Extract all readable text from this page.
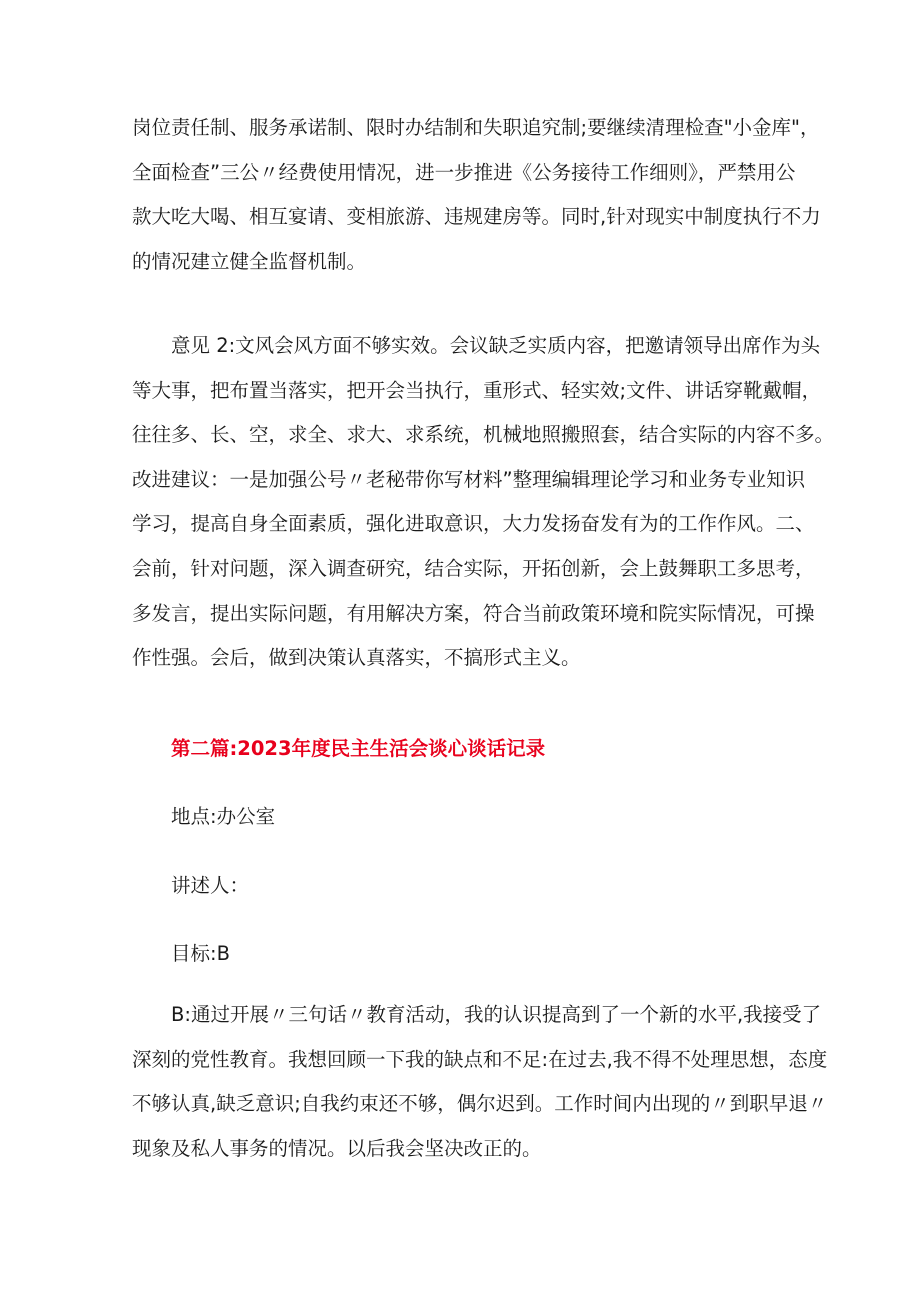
岗位责任制、服务承诺制、限时办结制和失职追究制;要继续清理检查"小金库"，
全面检查”三公〃经费使用情况，进一步推进《公务接待工作细则》，严禁用公
款大吃大喝、相互宴请、变相旅游、违规建房等。同时,针对现实中制度执行不力
的情况建立健全监督机制。

意见 2:文风会风方面不够实效。会议缺乏实质内容，把邀请领导出席作为头
等大事，把布置当落实，把开会当执行，重形式、轻实效;文件、讲话穿靴戴帽，
往往多、长、空，求全、求大、求系统，机械地照搬照套，结合实际的内容不多。
改进建议：一是加强公号〃老秘带你写材料”整理编辑理论学习和业务专业知识
学习，提高自身全面素质，强化进取意识，大力发扬奋发有为的工作作风。二、
会前，针对问题，深入调查研究，结合实际，开拓创新，会上鼓舞职工多思考，
多发言，提出实际问题，有用解决方案，符合当前政策环境和院实际情况，可操
作性强。会后，做到决策认真落实，不搞形式主义。

第二篇:2023年度民主生活会谈心谈话记录

地点:办公室

讲述人：

目标:B

B:通过开展〃三句话〃教育活动，我的认识提高到了一个新的水平,我接受了
深刻的党性教育。我想回顾一下我的缺点和不足:在过去,我不得不处理思想，态度
不够认真,缺乏意识;自我约束还不够，偶尔迟到。工作时间内出现的〃到职早退〃
现象及私人事务的情况。以后我会坚决改正的。
